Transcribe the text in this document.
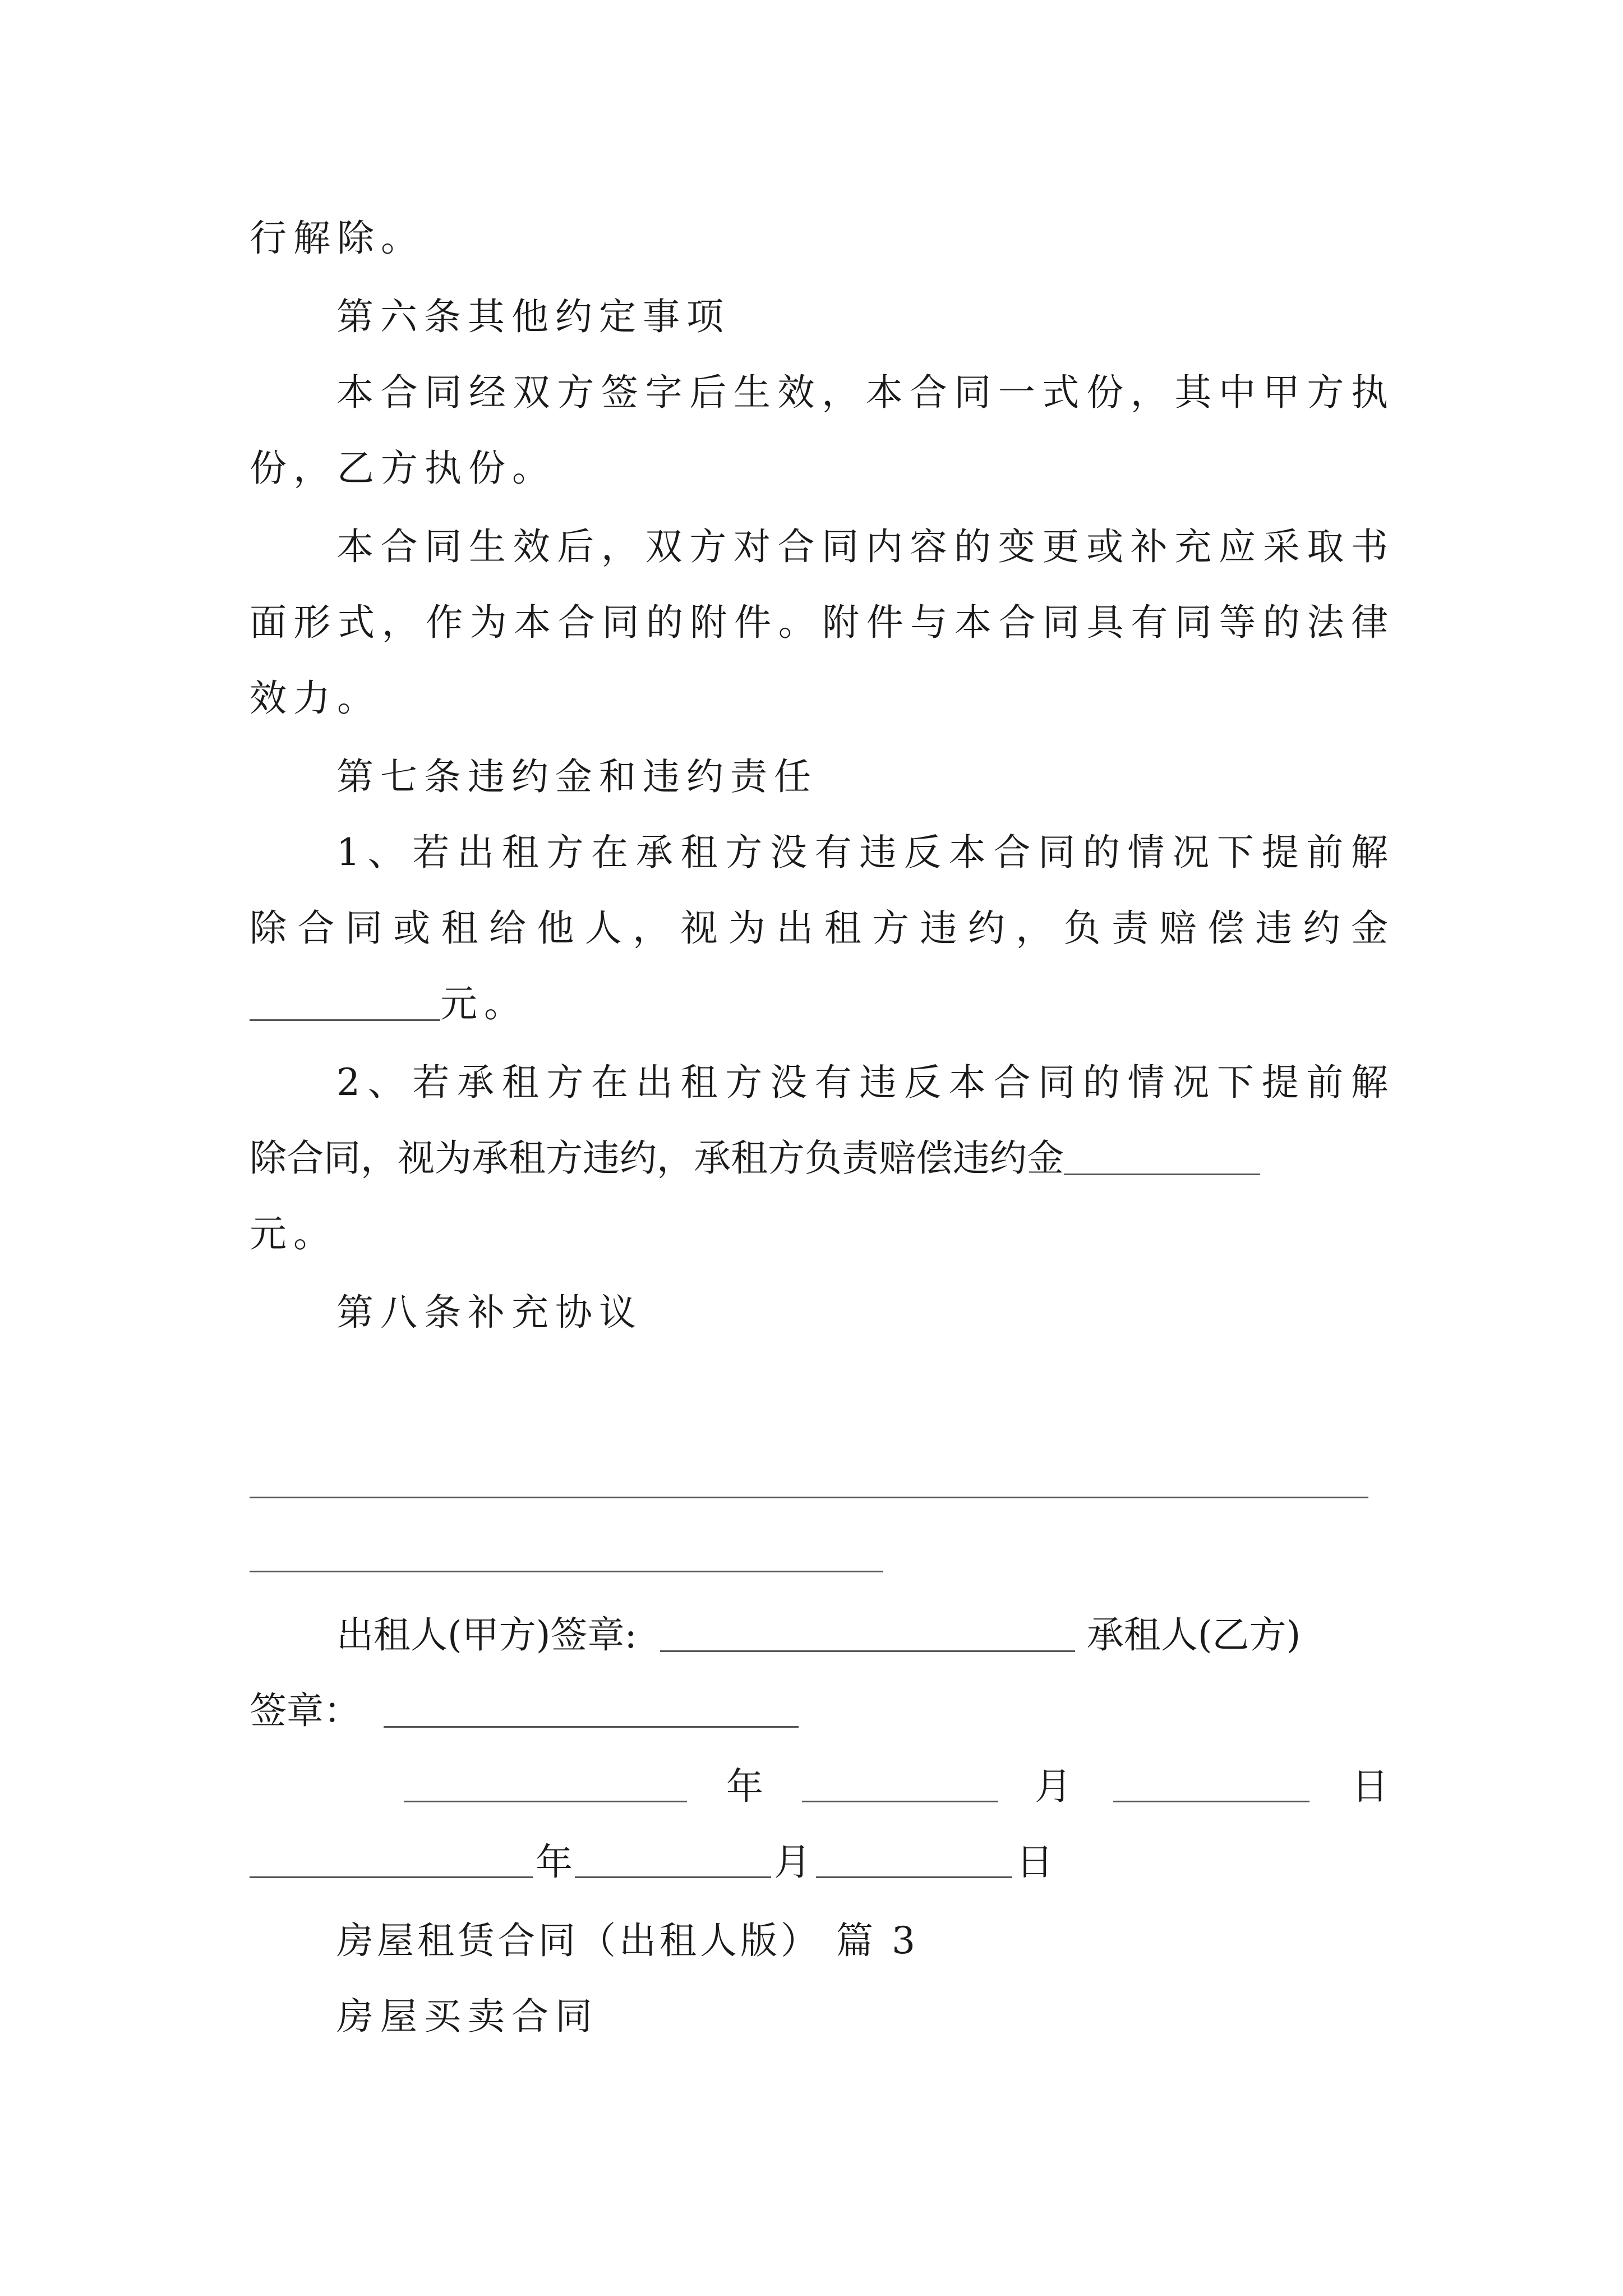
行解除。
第六条其他约定事项
本合同经双方签字后生效，本合同一式份，其中甲方执
份，乙方执份。
本合同生效后，双方对合同内容的变更或补充应采取书
面形式，作为本合同的附件。附件与本合同具有同等的法律
效力。
第七条违约金和违约责任
1、若出租方在承租方没有违反本合同的情况下提前解
除合同或租给他人，视为出租方违约，负责赔偿违约金
元。
2、若承租方在出租方没有违反本合同的情况下提前解
除合同，视为承租方违约，承租方负责赔偿违约金
元。
第八条补充协议
出租人(甲方)签章:	承租人(乙方)
签章：
年	月	日
年	月	日
房屋租赁合同（出租人版） 篇 3
房屋买卖合同
